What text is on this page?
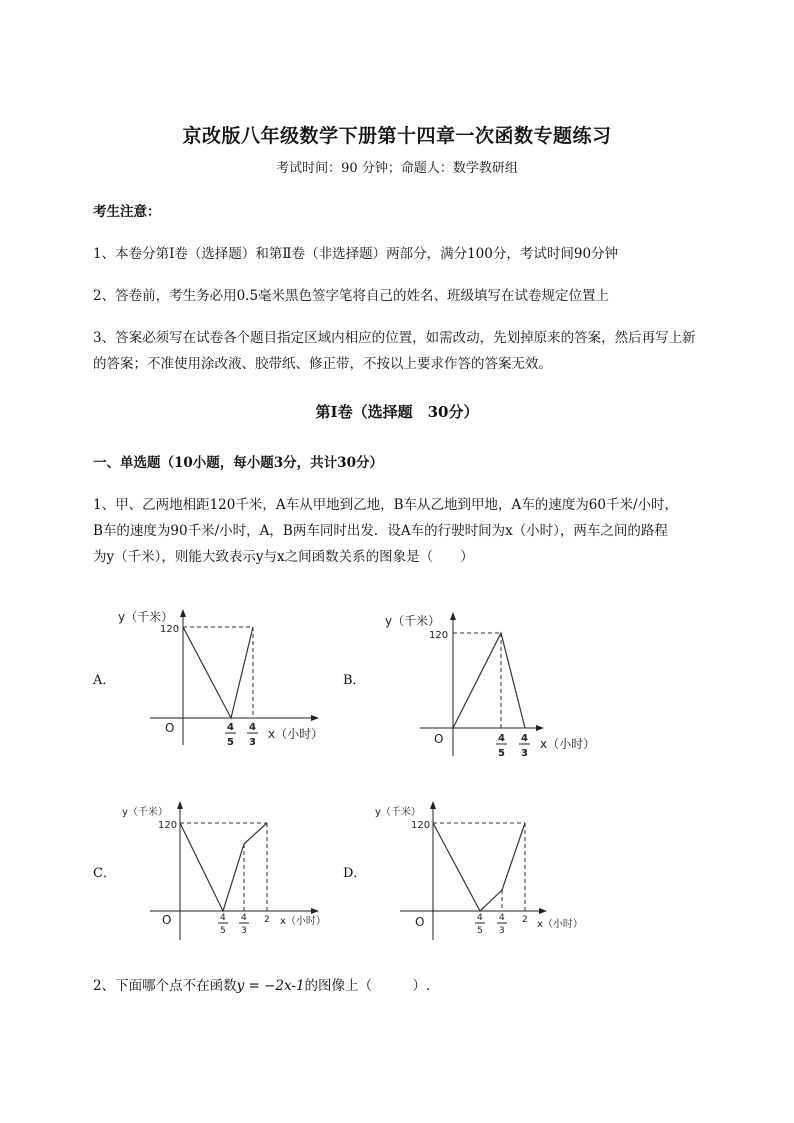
京改版八年级数学下册第十四章一次函数专题练习
考试时间：90 分钟；命题人：数学教研组
考生注意：
1、本卷分第I卷（选择题）和第Ⅱ卷（非选择题）两部分，满分100分，考试时间90分钟
2、答卷前，考生务必用0.5毫米黑色签字笔将自己的姓名、班级填写在试卷规定位置上
3、答案必须写在试卷各个题目指定区域内相应的位置，如需改动，先划掉原来的答案，然后再写上新
的答案；不准使用涂改液、胶带纸、修正带，不按以上要求作答的答案无效。
第I卷（选择题　30分）
一、单选题（10小题，每小题3分，共计30分）
1、甲、乙两地相距120千米，A车从甲地到乙地，B车从乙地到甲地，A车的速度为60千米/小时，
B车的速度为90千米/小时，A，B两车同时出发．设A车的行驶时间为x（小时），两车之间的路程
为y（千米），则能大致表示y与x之间函数关系的图象是（　　）
A．
y（千米）
120
O	4
5
4
3
x（小时）
B．
y（千米）
120
O	4
5
4
3
x（小时）
C．
y（千米）
120
O	4
5
4
3
2 x（小时）
D．
y（千米）
120
O	4
5
4
3
2 x（小时）
2、下面哪个点不在函数y = −2x-1的图像上（　　　）.
